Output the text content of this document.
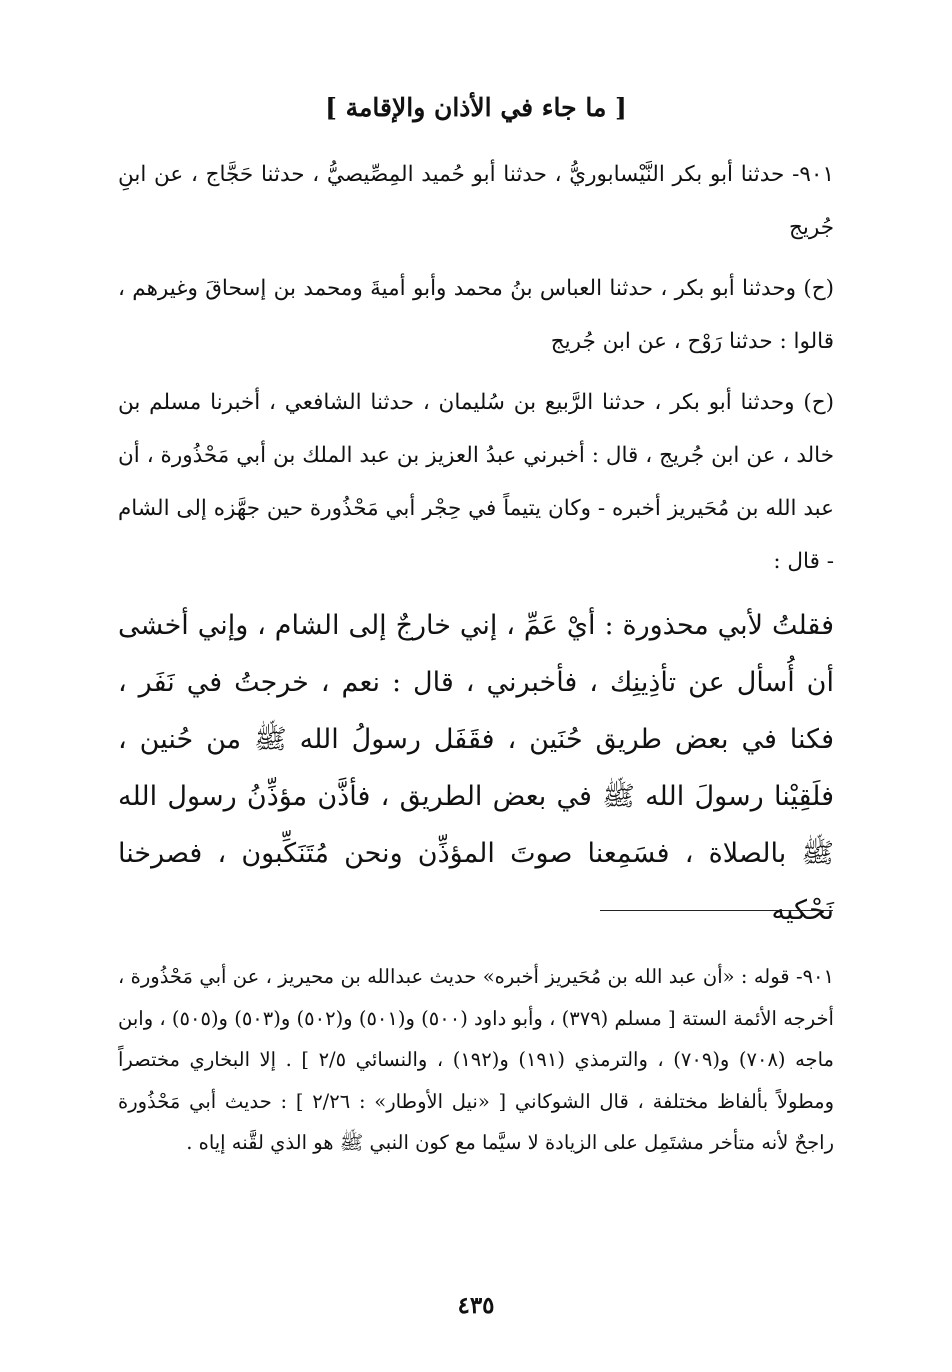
[ ما جاء في الأذان والإقامة ]
٩٠١- حدثنا أبو بكر النَّيْسابوريُّ ، حدثنا أبو حُميد المِصِّيصيُّ ، حدثنا حَجَّاج ، عن ابنِ جُريج
(ح) وحدثنا أبو بكر ، حدثنا العباس بنُ محمد وأبو أميةَ ومحمد بن إسحاقَ وغيرهم ، قالوا : حدثنا رَوْح ، عن ابن جُريج
(ح) وحدثنا أبو بكر ، حدثنا الرَّبيع بن سُليمان ، حدثنا الشافعي ، أخبرنا مسلم بن خالد ، عن ابن جُريج ، قال : أخبرني عبدُ العزيز بن عبد الملك بن أبي مَحْذُورة ، أن عبد الله بن مُحَيريز أخبره - وكان يتيماً في حِجْر أبي مَحْذُورة حين جهَّزه إلى الشام - قال :
فقلتُ لأبي محذورة : أيْ عَمِّ ، إني خارجٌ إلى الشام ، وإني أخشى أن أُسأل عن تأذِينِك ، فأخبرني ، قال : نعم ، خرجتُ في نَفَر ، فكنا في بعض طريق حُنَين ، فقَفَل رسولُ الله ﷺ من حُنين ، فلَقِيْنا رسولَ الله ﷺ في بعض الطريق ، فأذَّن مؤذِّنُ رسول الله ﷺ بالصلاة ، فسَمِعنا صوتَ المؤذِّن ونحن مُتَنَكِّبون ، فصرخنا نَحْكيه
٩٠١- قوله : «أن عبد الله بن مُحَيريز أخبره» حديث عبدالله بن محيريز ، عن أبي مَحْذُورة ، أخرجه الأئمة الستة [ مسلم (٣٧٩) ، وأبو داود (٥٠٠) و(٥٠١) و(٥٠٢) و(٥٠٣) و(٥٠٥) ، وابن ماجه (٧٠٨) و(٧٠٩) ، والترمذي (١٩١) و(١٩٢) ، والنسائي ٢/٥ ] . إلا البخاري مختصراً ومطولاً بألفاظ مختلفة ، قال الشوكاني [ «نيل الأوطار» : ٢/٢٦ ] : حديث أبي مَحْذُورة راجحٌ لأنه متأخر مشتَمِل على الزيادة لا سيَّما مع كون النبي ﷺ هو الذي لقَّنه إياه .
٤٣٥
